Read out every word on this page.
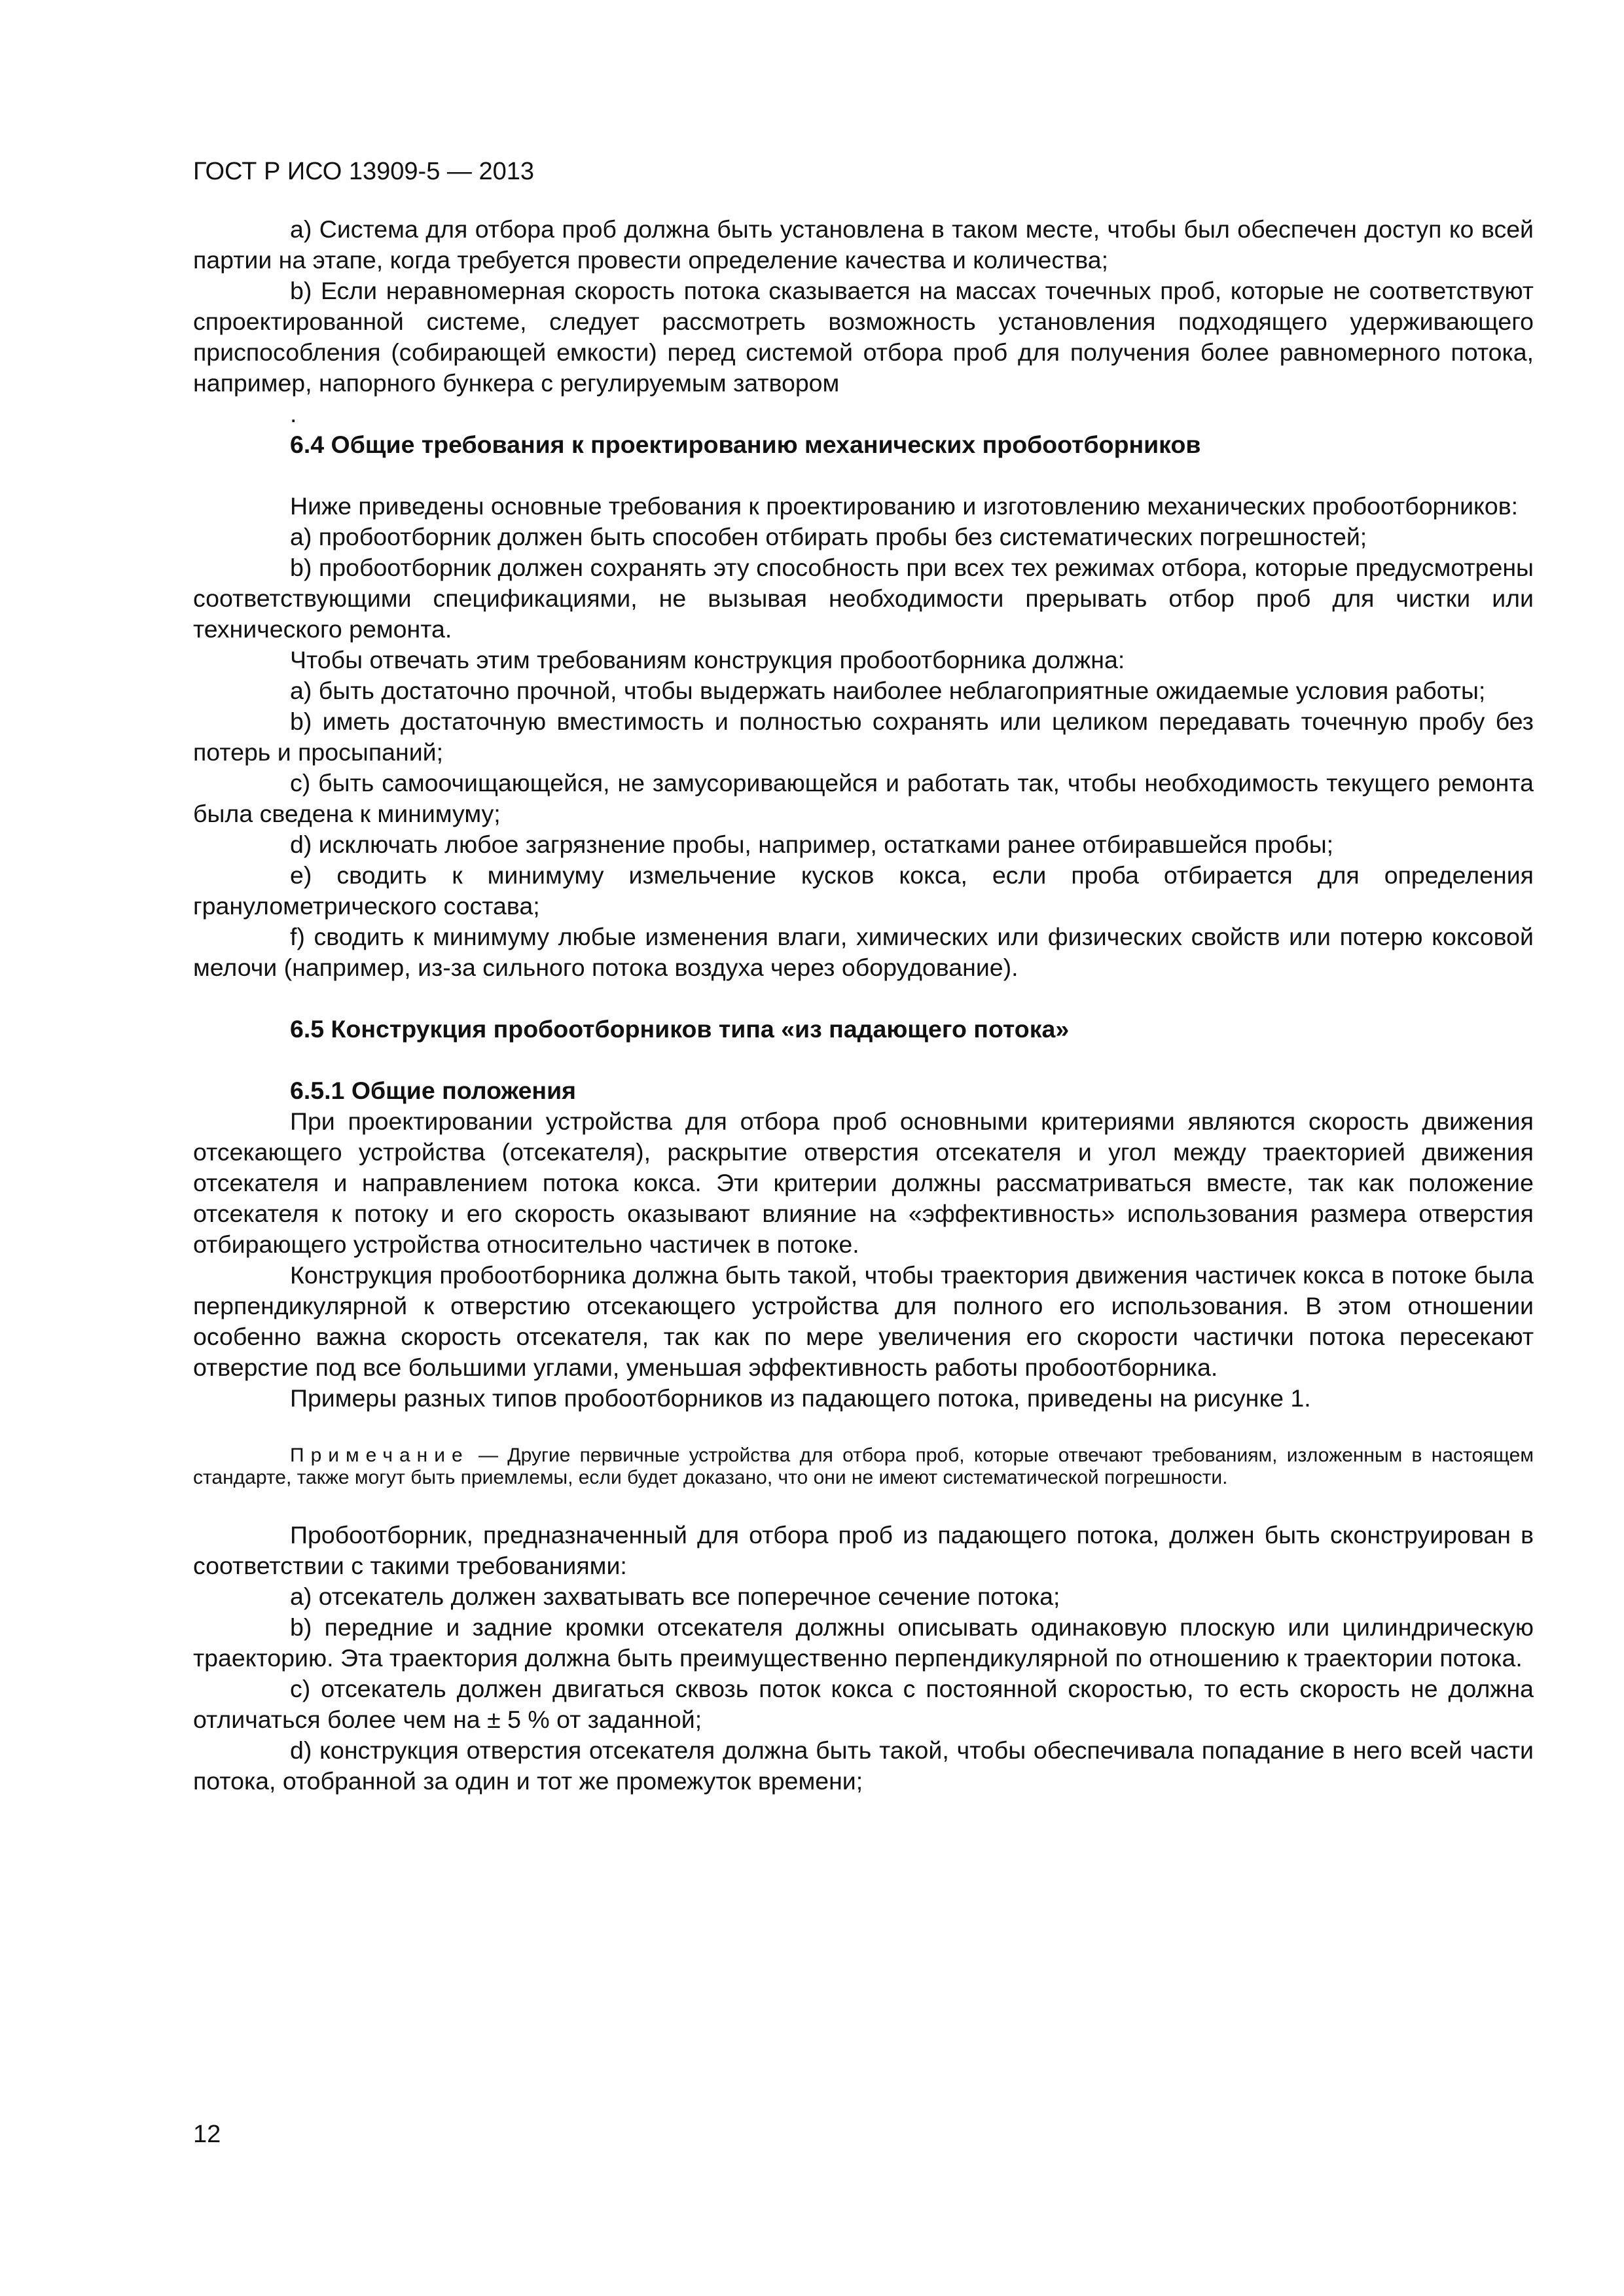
ГОСТ Р ИСО 13909-5 — 2013

a) Система для отбора проб должна быть установлена в таком месте, чтобы был обеспечен доступ ко всей партии на этапе, когда требуется провести определение качества и количества;

b) Если неравномерная скорость потока сказывается на массах точечных проб, которые не соответствуют спроектированной системе, следует рассмотреть возможность установления подходящего удерживающего приспособления (собирающей емкости) перед системой отбора проб для получения более равномерного потока, например, напорного бункера с регулируемым затвором

.

6.4 Общие требования к проектированию механических пробоотборников

Ниже приведены основные требования к проектированию и изготовлению механических пробоотборников:

a) пробоотборник должен быть способен отбирать пробы без систематических погрешностей;

b) пробоотборник должен сохранять эту способность при всех тех режимах отбора, которые предусмотрены соответствующими спецификациями, не вызывая необходимости прерывать отбор проб для чистки или технического ремонта.

Чтобы отвечать этим требованиям конструкция пробоотборника должна:

a) быть достаточно прочной, чтобы выдержать наиболее неблагоприятные ожидаемые условия работы;

b) иметь достаточную вместимость и полностью сохранять или целиком передавать точечную пробу без потерь и просыпаний;

c) быть самоочищающейся, не замусоривающейся и работать так, чтобы необходимость текущего ремонта была сведена к минимуму;

d) исключать любое загрязнение пробы, например, остатками ранее отбиравшейся пробы;

e) сводить к минимуму измельчение кусков кокса, если проба отбирается для определения гранулометрического состава;

f) сводить к минимуму любые изменения влаги, химических или физических свойств или потерю коксовой мелочи (например, из-за сильного потока воздуха через оборудование).

6.5 Конструкция пробоотборников типа «из падающего потока»

6.5.1 Общие положения

При проектировании устройства для отбора проб основными критериями являются скорость движения отсекающего устройства (отсекателя), раскрытие отверстия отсекателя и угол между траекторией движения отсекателя и направлением потока кокса. Эти критерии должны рассматриваться вместе, так как положение отсекателя к потоку и его скорость оказывают влияние на «эффективность» использования размера отверстия отбирающего устройства относительно частичек в потоке.

Конструкция пробоотборника должна быть такой, чтобы траектория движения частичек кокса в потоке была перпендикулярной к отверстию отсекающего устройства для полного его использования. В этом отношении особенно важна скорость отсекателя, так как по мере увеличения его скорости частички потока пересекают отверстие под все большими углами, уменьшая эффективность работы пробоотборника.

Примеры разных типов пробоотборников из падающего потока, приведены на рисунке 1.

Примечание — Другие первичные устройства для отбора проб, которые отвечают требованиям, изложенным в настоящем стандарте, также могут быть приемлемы, если будет доказано, что они не имеют систематической погрешности.

Пробоотборник, предназначенный для отбора проб из падающего потока, должен быть сконструирован в соответствии с такими требованиями:

a) отсекатель должен захватывать все поперечное сечение потока;

b) передние и задние кромки отсекателя должны описывать одинаковую плоскую или цилиндрическую траекторию. Эта траектория должна быть преимущественно перпендикулярной по отношению к траектории потока.

c) отсекатель должен двигаться сквозь поток кокса с постоянной скоростью, то есть скорость не должна отличаться более чем на ± 5 % от заданной;

d) конструкция отверстия отсекателя должна быть такой, чтобы обеспечивала попадание в него всей части потока, отобранной за один и тот же промежуток времени;

12
